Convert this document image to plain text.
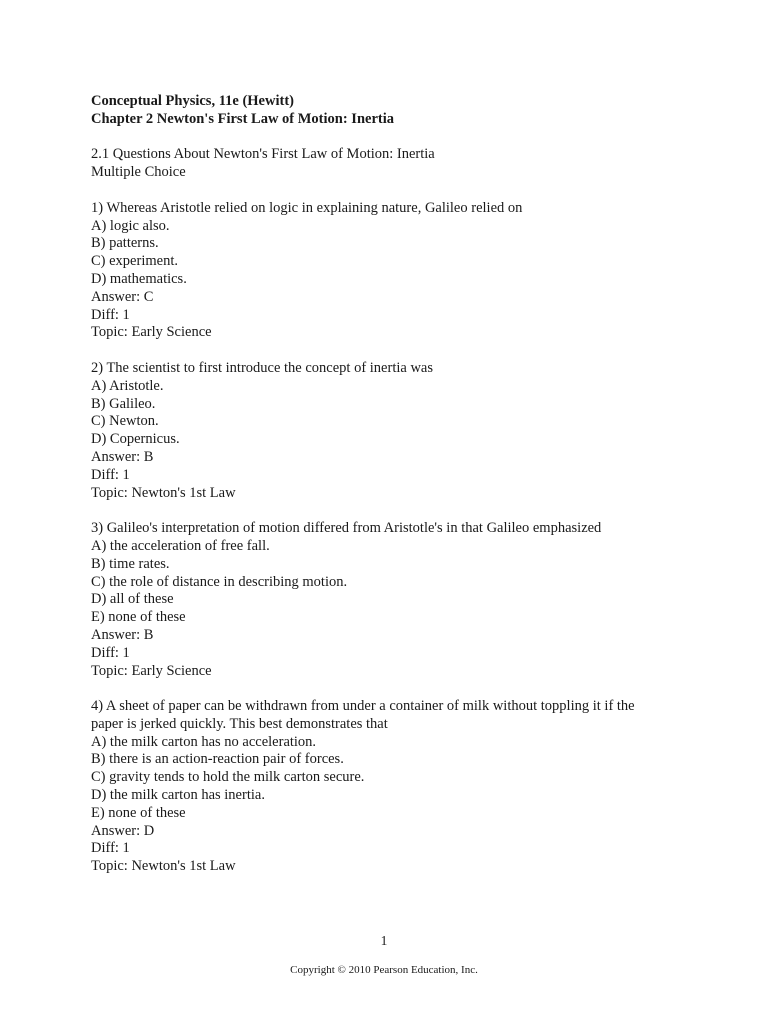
Conceptual Physics, 11e (Hewitt)
Chapter 2 Newton's First Law of Motion: Inertia
2.1 Questions About Newton's First Law of Motion: Inertia
Multiple Choice
1) Whereas Aristotle relied on logic in explaining nature, Galileo relied on
A) logic also.
B) patterns.
C) experiment.
D) mathematics.
Answer: C
Diff: 1
Topic: Early Science
2) The scientist to first introduce the concept of inertia was
A) Aristotle.
B) Galileo.
C) Newton.
D) Copernicus.
Answer: B
Diff: 1
Topic: Newton's 1st Law
3) Galileo's interpretation of motion differed from Aristotle's in that Galileo emphasized
A) the acceleration of free fall.
B) time rates.
C) the role of distance in describing motion.
D) all of these
E) none of these
Answer: B
Diff: 1
Topic: Early Science
4) A sheet of paper can be withdrawn from under a container of milk without toppling it if the
paper is jerked quickly. This best demonstrates that
A) the milk carton has no acceleration.
B) there is an action-reaction pair of forces.
C) gravity tends to hold the milk carton secure.
D) the milk carton has inertia.
E) none of these
Answer: D
Diff: 1
Topic: Newton's 1st Law
1
Copyright © 2010 Pearson Education, Inc.
